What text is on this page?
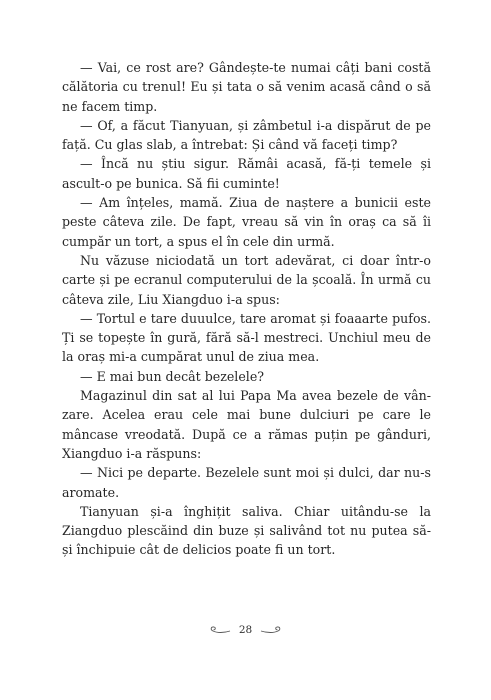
— Vai, ce rost are? Gândește-te numai câți bani costă călătoria cu trenul! Eu și tata o să venim acasă când o să ne facem timp.

— Of, a făcut Tianyuan, și zâmbetul i-a dispărut de pe față. Cu glas slab, a întrebat: Și când vă faceți timp?

— Încă nu știu sigur. Rămâi acasă, fă-ți temele și ascult-o pe bunica. Să fii cuminte!

— Am înțeles, mamă. Ziua de naștere a bunicii este peste câteva zile. De fapt, vreau să vin în oraș ca să îi cumpăr un tort, a spus el în cele din urmă.

Nu văzuse niciodată un tort adevărat, ci doar într-o carte și pe ecranul computerului de la școală. În urmă cu câteva zile, Liu Xiangduo i-a spus:

— Tortul e tare duuulce, tare aromat și foaaarte pufos. Ți se topește în gură, fără să-l mestreci. Unchiul meu de la oraș mi-a cumpărat unul de ziua mea.

— E mai bun decât bezelele?

Magazinul din sat al lui Papa Ma avea bezele de vânzare. Acelea erau cele mai bune dulciuri pe care le mâncase vreodată. După ce a rămas puțin pe gânduri, Xiangduo i-a răspuns:

— Nici pe departe. Bezelele sunt moi și dulci, dar nu-s aromate.

Tianyuan și-a înghițit saliva. Chiar uitându-se la Ziangduo plescăind din buze și salivând tot nu putea să-și închipuie cât de delicios poate fi un tort.

28
